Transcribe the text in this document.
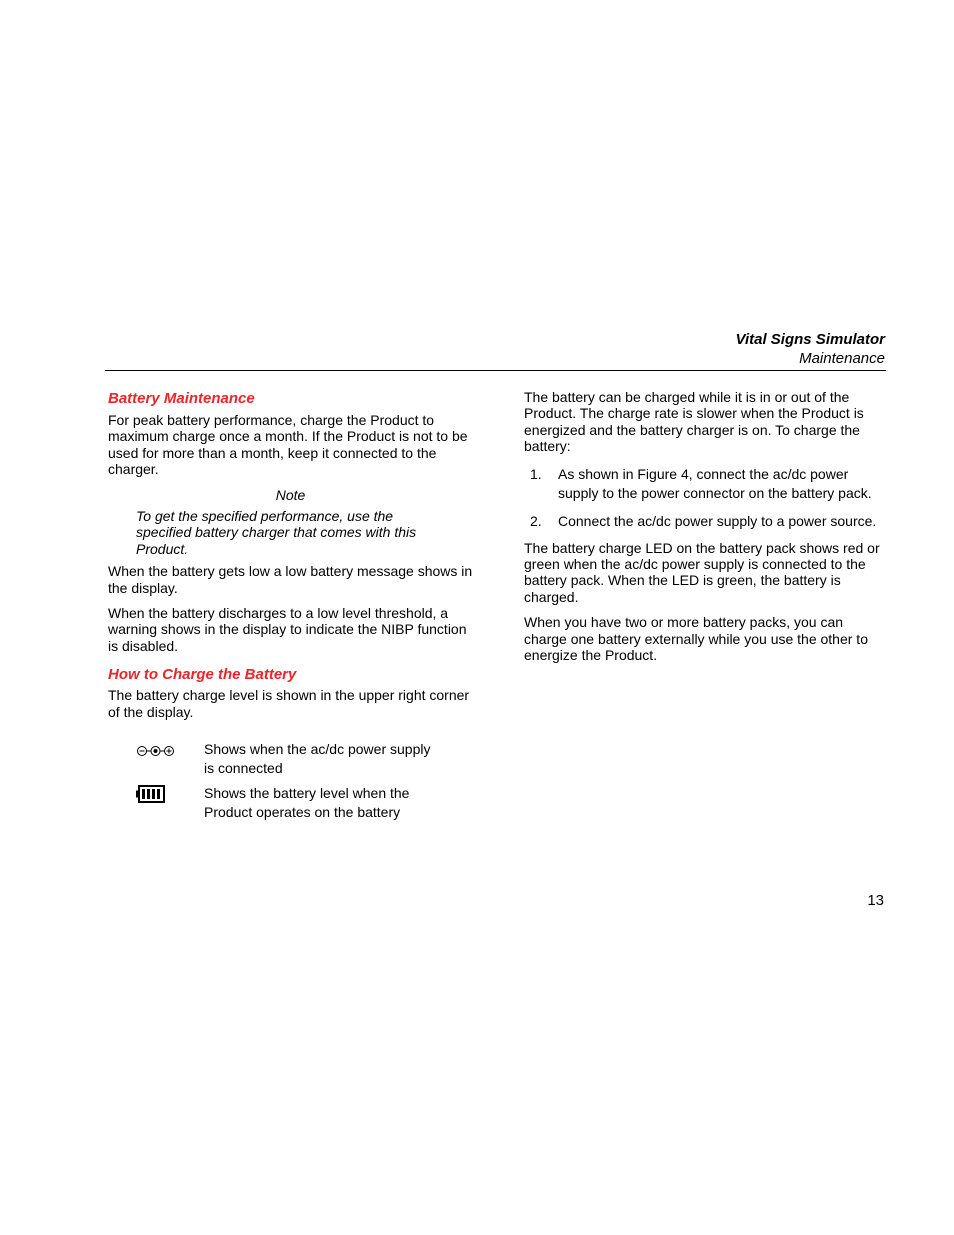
Vital Signs Simulator
Maintenance
Battery Maintenance

For peak battery performance, charge the Product to maximum charge once a month. If the Product is not to be used for more than a month, keep it connected to the charger.

Note
To get the specified performance, use the specified battery charger that comes with this Product.

When the battery gets low a low battery message shows in the display.

When the battery discharges to a low level threshold, a warning shows in the display to indicate the NIBP function is disabled.

How to Charge the Battery

The battery charge level is shown in the upper right corner of the display.

Shows when the ac/dc power supply is connected
Shows the battery level when the Product operates on the battery

The battery can be charged while it is in or out of the Product. The charge rate is slower when the Product is energized and the battery charger is on. To charge the battery:

1. As shown in Figure 4, connect the ac/dc power supply to the power connector on the battery pack.
2. Connect the ac/dc power supply to a power source.

The battery charge LED on the battery pack shows red or green when the ac/dc power supply is connected to the battery pack. When the LED is green, the battery is charged.

When you have two or more battery packs, you can charge one battery externally while you use the other to energize the Product.

13
